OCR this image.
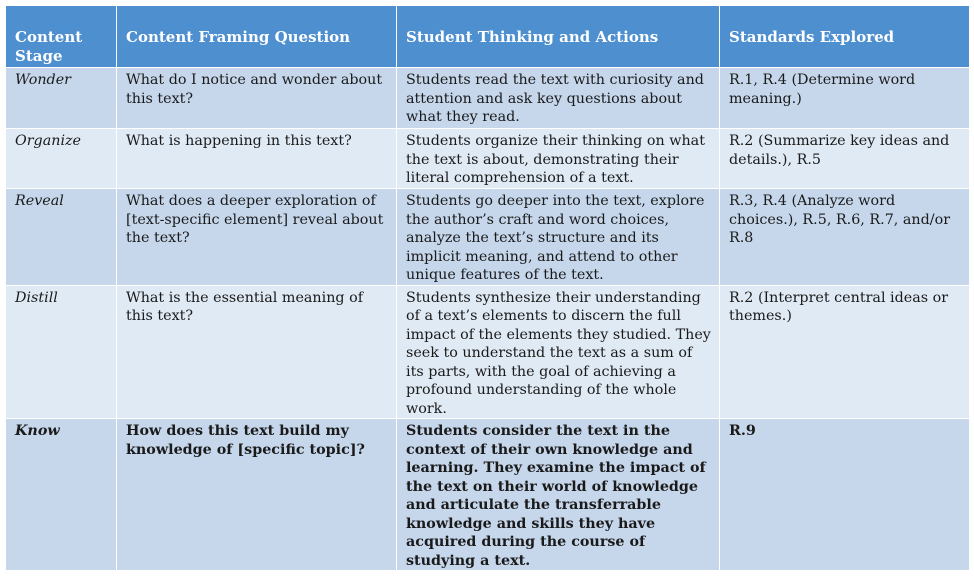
Content Stage	Content Framing Question	Student Thinking and Actions	Standards Explored
Wonder	What do I notice and wonder about this text?	Students read the text with curiosity and attention and ask key questions about what they read.	R.1, R.4 (Determine word meaning.)
Organize	What is happening in this text?	Students organize their thinking on what the text is about, demonstrating their literal comprehension of a text.	R.2 (Summarize key ideas and details.), R.5
Reveal	What does a deeper exploration of [text-specific element] reveal about the text?	Students go deeper into the text, explore the author’s craft and word choices, analyze the text’s structure and its implicit meaning, and attend to other unique features of the text.	R.3, R.4 (Analyze word choices.), R.5, R.6, R.7, and/or R.8
Distill	What is the essential meaning of this text?	Students synthesize their understanding of a text’s elements to discern the full impact of the elements they studied. They seek to understand the text as a sum of its parts, with the goal of achieving a profound understanding of the whole work.	R.2 (Interpret central ideas or themes.)
Know	How does this text build my knowledge of [specific topic]?	Students consider the text in the context of their own knowledge and learning. They examine the impact of the text on their world of knowledge and articulate the transferrable knowledge and skills they have acquired during the course of studying a text.	R.9
